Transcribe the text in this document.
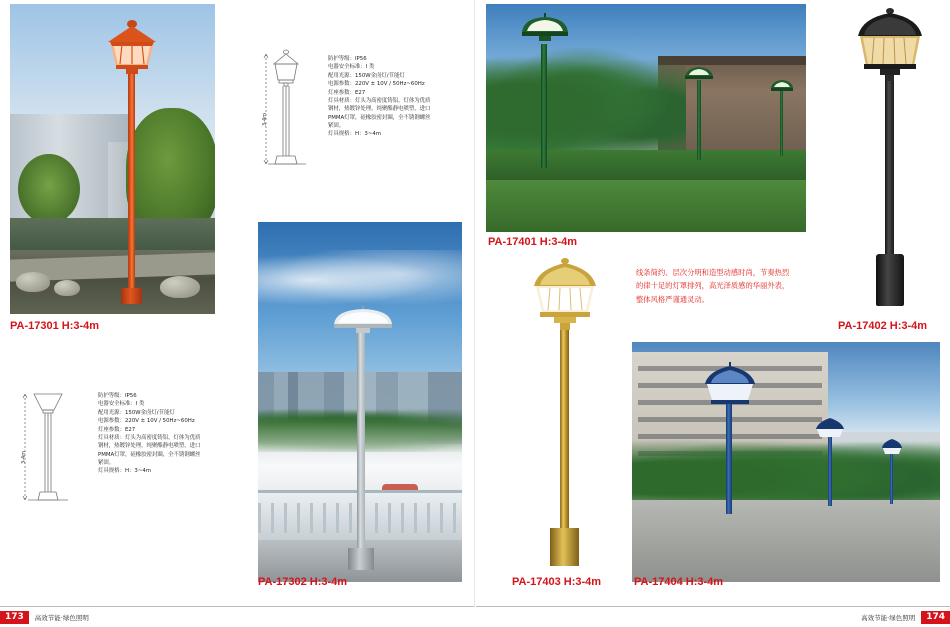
PA-17301 H:3-4m
3-4m
防护等级：IP56
电器安全标准：I 类
配用光源：150W金卤灯/节能灯
电源参数：220V ± 10V / 50Hz~60Hz
灯座参数：E27
灯具材质：灯头为高密度铸铝，灯体为优质
钢材，热镀锌处理，纯聚酯静电喷塑，进口
PMMA灯罩，硅橡胶密封圈，全不锈钢螺丝
紧固。
灯具规格：H：3~4m
3-4m
防护等级：IP56
电器安全标准：I 类
配用光源：150W金卤灯/节能灯
电源参数：220V ± 10V / 50Hz~60Hz
灯座参数：E27
灯具材质：灯头为高密度铸铝，灯体为优质
钢材，热镀锌处理，纯聚酯静电喷塑，进口
PMMA灯罩，硅橡胶密封圈，全不锈钢螺丝
紧固。
灯具规格：H：3~4m
PA-17302 H:3-4m
PA-17401 H:3-4m
PA-17402 H:3-4m
线条简约、层次分明和造型动感时尚，节奏热烈
的律十足的灯罩排列，高光泽质感的华丽外表，
整体风格严谨通灵动。
PA-17403 H:3-4m	PA-17404 H:3-4m
173	高效节能·绿色照明	高效节能·绿色照明	174
